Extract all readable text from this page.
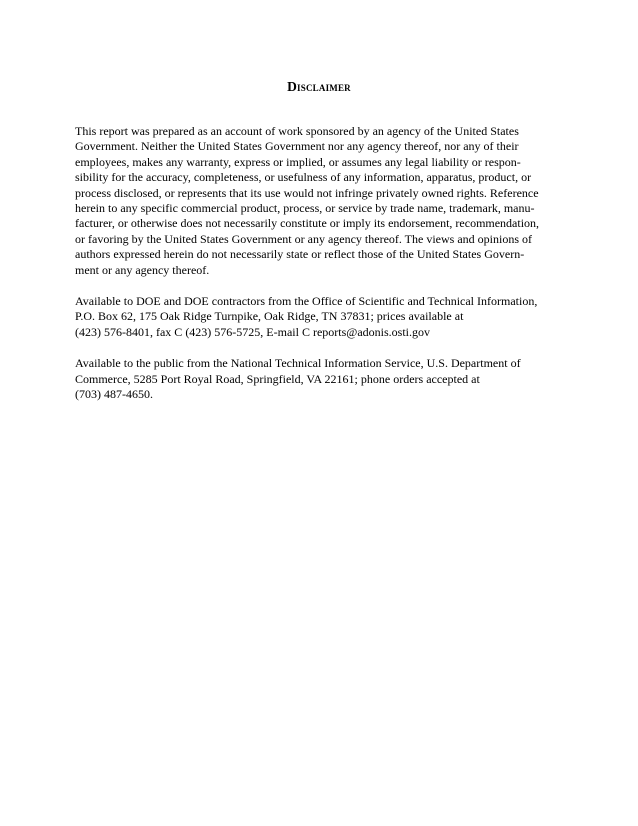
Disclaimer

This report was prepared as an account of work sponsored by an agency of the United States
Government. Neither the United States Government nor any agency thereof, nor any of their
employees, makes any warranty, express or implied, or assumes any legal liability or respon-
sibility for the accuracy, completeness, or usefulness of any information, apparatus, product, or
process disclosed, or represents that its use would not infringe privately owned rights. Reference
herein to any specific commercial product, process, or service by trade name, trademark, manu-
facturer, or otherwise does not necessarily constitute or imply its endorsement, recommendation,
or favoring by the United States Government or any agency thereof. The views and opinions of
authors expressed herein do not necessarily state or reflect those of the United States Govern-
ment or any agency thereof.

Available to DOE and DOE contractors from the Office of Scientific and Technical Information,
P.O. Box 62, 175 Oak Ridge Turnpike, Oak Ridge, TN 37831; prices available at
(423) 576-8401, fax C (423) 576-5725, E-mail C reports@adonis.osti.gov

Available to the public from the National Technical Information Service, U.S. Department of
Commerce, 5285 Port Royal Road, Springfield, VA 22161; phone orders accepted at
(703) 487-4650.
